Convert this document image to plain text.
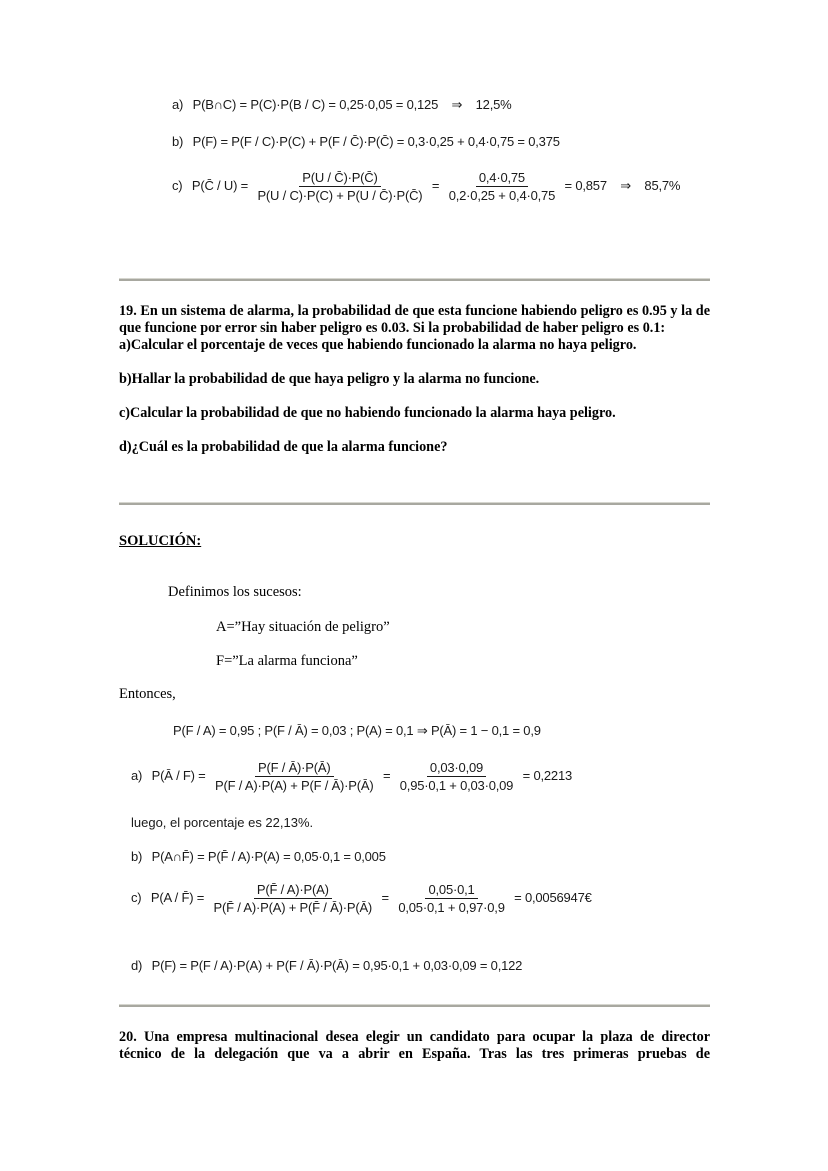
a) P(B∩C) = P(C)·P(B / C) = 0,25·0,05 = 0,125 ⇒ 12,5%
b) P(F) = P(F / C)·P(C) + P(F / C̄)·P(C̄) = 0,3·0,25 + 0,4·0,75 = 0,375
c) P(C̄ / $U) = \frac{P(U / C̄)\cdot P(C̄)}{P(U / C)\cdot P(C) + P(U / C̄)\cdot P(C̄)} = \frac{0,4\cdot 0,75}{0,2\cdot 0,25 + 0,4\cdot 0,75} = 0,857$ ⇒ 85,7%

19. En un sistema de alarma, la probabilidad de que esta funcione habiendo peligro es 0.95 y la de que funcione por error sin haber peligro es 0.03. Si la probabilidad de haber peligro es 0.1:

a)Calcular el porcentaje de veces que habiendo funcionado la alarma no haya peligro.

b)Hallar la probabilidad de que haya peligro y la alarma no funcione.

c)Calcular la probabilidad de que no habiendo funcionado la alarma haya peligro.

d)¿Cuál es la probabilidad de que la alarma funcione?

SOLUCIÓN:
Definimos los sucesos:
A=”Hay situación de peligro”
F=”La alarma funciona”
Entonces,
P(F / A) = 0,95 ; P(F / Ā) = 0,03 ; P(A) = 0,1 ⇒ P(Ā) = 1 − 0,1 = 0,9
a) P(Ā / $F) = \frac{P(F / Ā)\cdot P(Ā)}{P(F / A)\cdot P(A) + P(F / Ā)\cdot P(Ā)} = \frac{0,03\cdot 0,09}{0,95\cdot 0,1 + 0,03\cdot 0,09} = 0,2213$
luego, el porcentaje es 22,13%.
b) P(A∩F̄) = P(F̄ / A)·P(A) = 0,05·0,1 = 0,005
c) P(A / F̄) = $\frac{P(F̄ / A)\cdot P(A)}{P(F̄ / A)\cdot P(A) + P(F̄ / Ā)\cdot P(Ā)} = \frac{0,05\cdot 0,1}{0,05\cdot 0,1 + 0,97\cdot 0,9}$ = 0,0056947€
d) P(F) = P(F / A)·P(A) + P(F / Ā)·P(Ā) = 0,95·0,1 + 0,03·0,09 = 0,122

20. Una empresa multinacional desea elegir un candidato para ocupar la plaza de director

técnico de la delegación que va a abrir en España. Tras las tres primeras pruebas de
